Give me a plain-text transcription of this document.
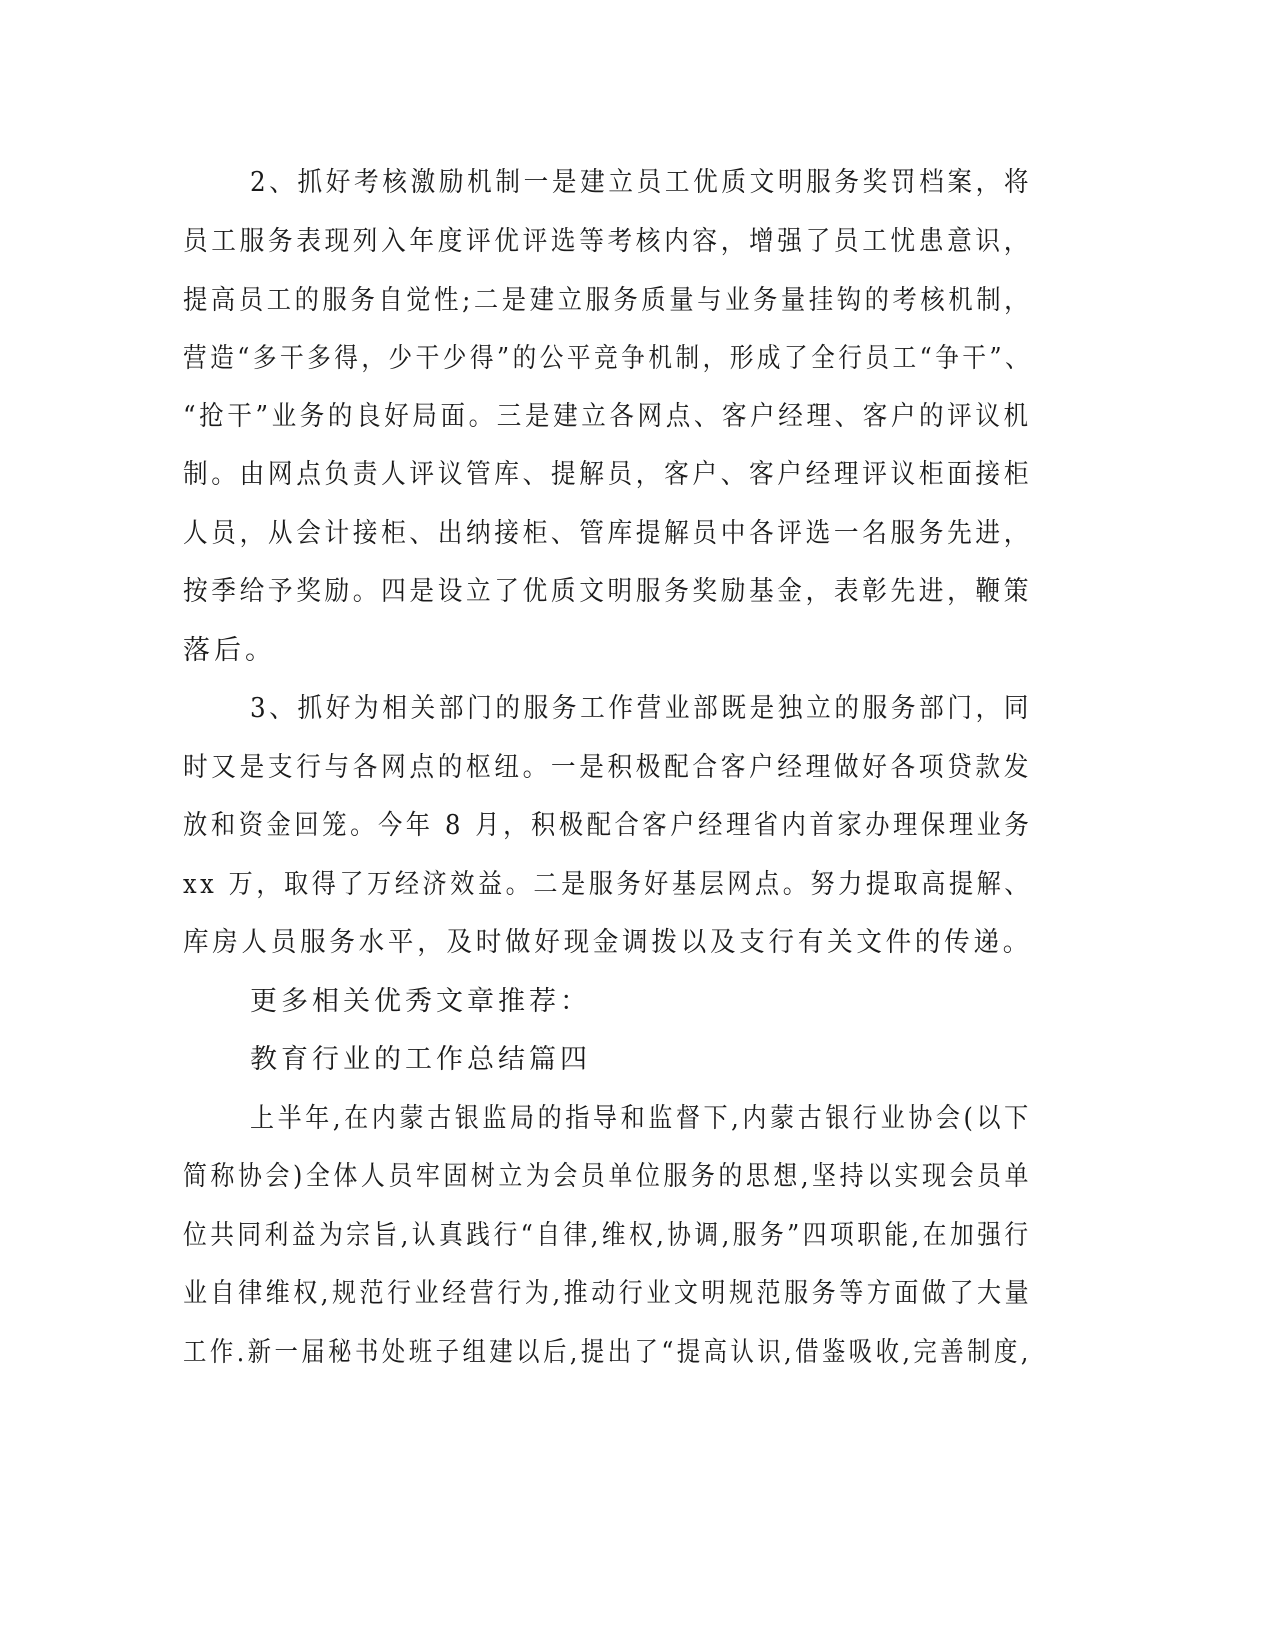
2、抓好考核激励机制一是建立员工优质文明服务奖罚档案，将
员工服务表现列入年度评优评选等考核内容，增强了员工忧患意识，
提高员工的服务自觉性;二是建立服务质量与业务量挂钩的考核机制，
营造“多干多得，少干少得”的公平竞争机制，形成了全行员工“争干”、
“抢干”业务的良好局面。三是建立各网点、客户经理、客户的评议机
制。由网点负责人评议管库、提解员，客户、客户经理评议柜面接柜
人员，从会计接柜、出纳接柜、管库提解员中各评选一名服务先进，
按季给予奖励。四是设立了优质文明服务奖励基金，表彰先进，鞭策
落后。
3、抓好为相关部门的服务工作营业部既是独立的服务部门，同
时又是支行与各网点的枢纽。一是积极配合客户经理做好各项贷款发
放和资金回笼。今年 8 月，积极配合客户经理省内首家办理保理业务
xx 万，取得了万经济效益。二是服务好基层网点。努力提取高提解、
库房人员服务水平，及时做好现金调拨以及支行有关文件的传递。
更多相关优秀文章推荐：
教育行业的工作总结篇四
上半年,在内蒙古银监局的指导和监督下,内蒙古银行业协会(以下
简称协会)全体人员牢固树立为会员单位服务的思想,坚持以实现会员单
位共同利益为宗旨,认真践行“自律,维权,协调,服务”四项职能,在加强行
业自律维权,规范行业经营行为,推动行业文明规范服务等方面做了大量
工作.新一届秘书处班子组建以后,提出了“提高认识,借鉴吸收,完善制度,
